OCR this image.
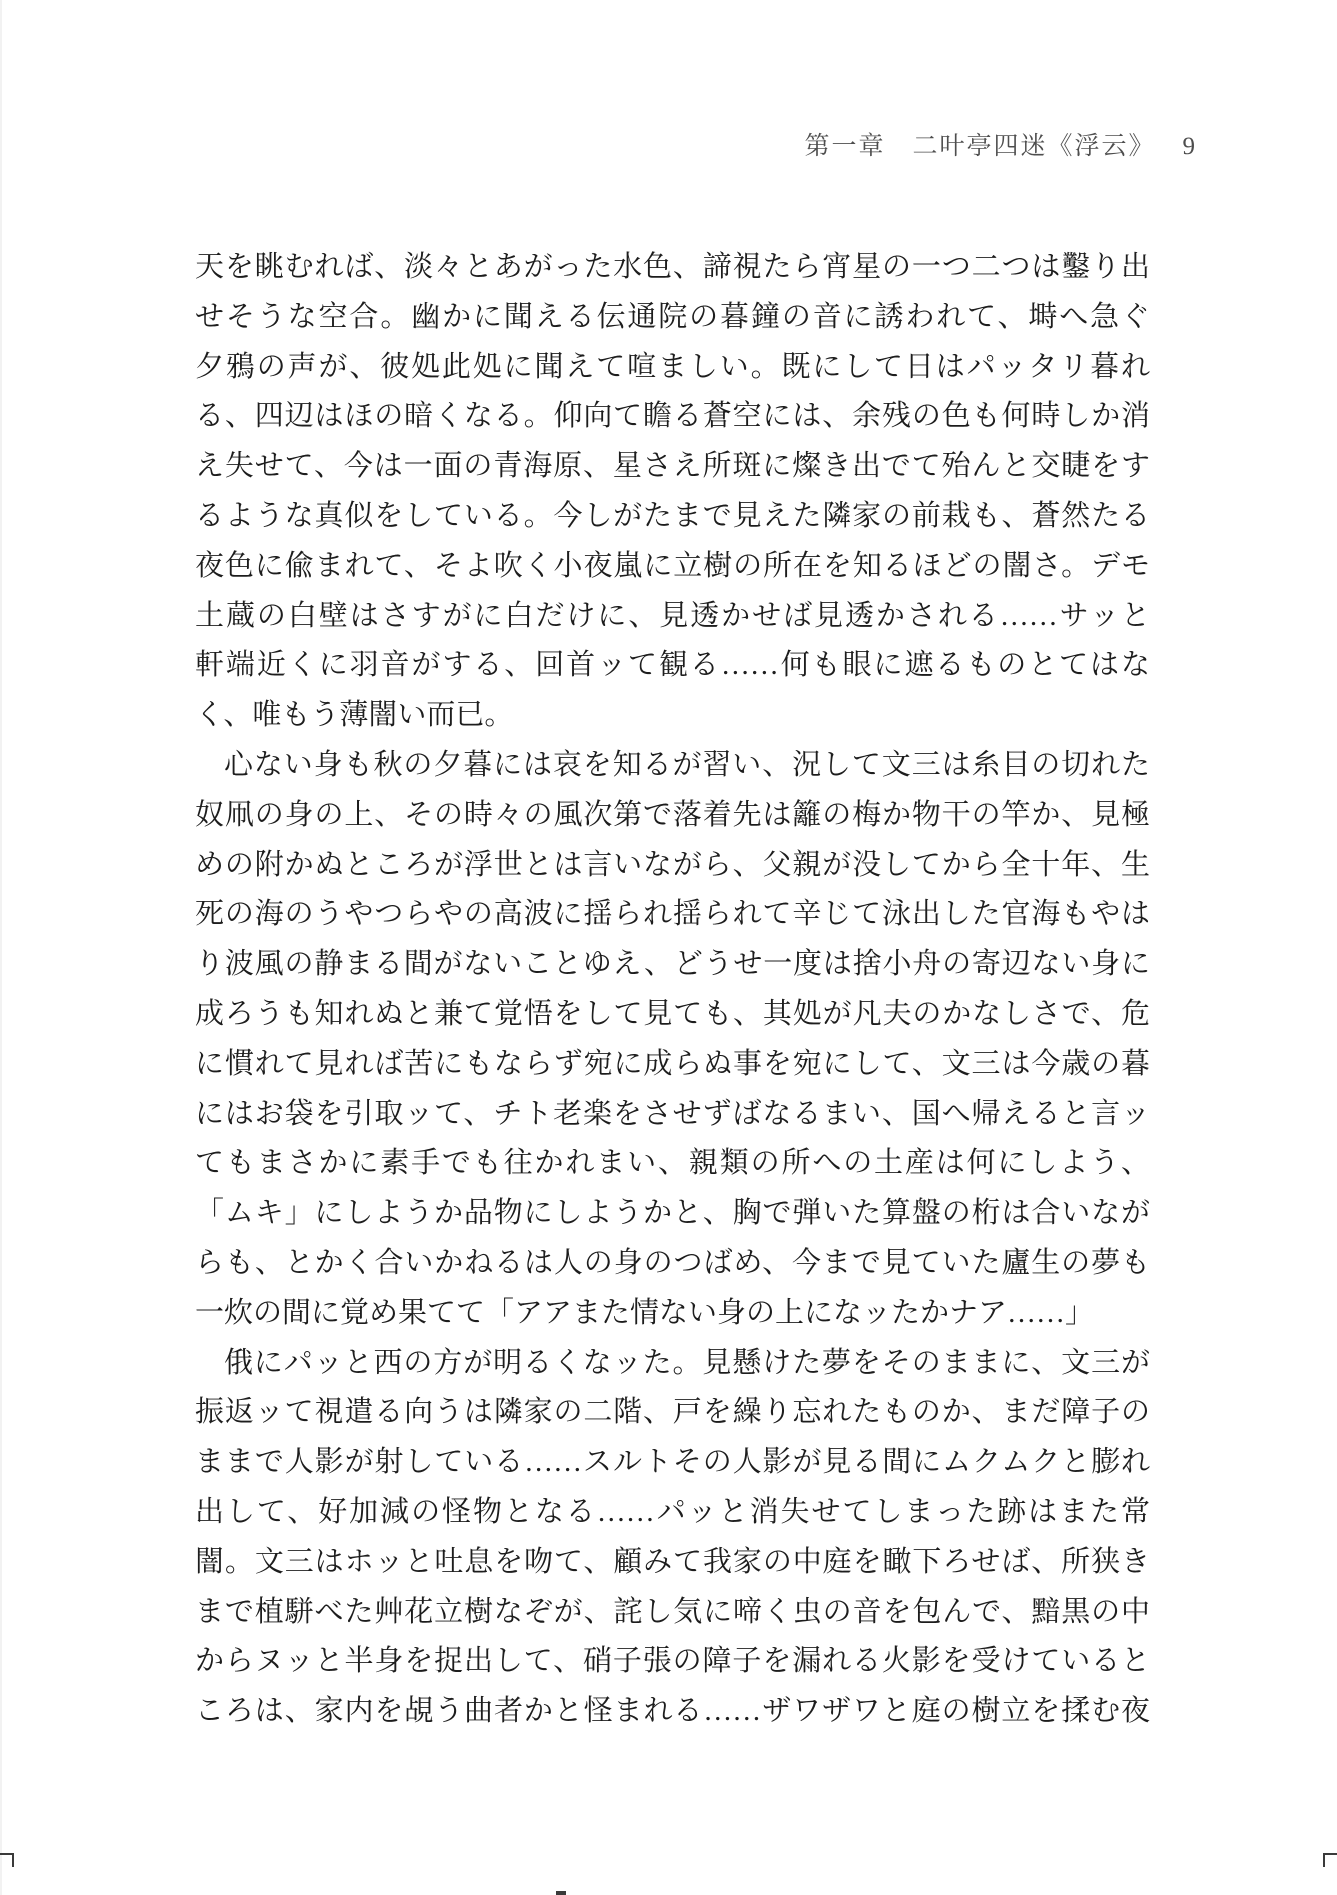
第一章　二叶亭四迷《浮云》 9
天を眺むれば、淡々とあがった水色、諦視たら宵星の一つ二つは鑿り出
せそうな空合。幽かに聞える伝通院の暮鐘の音に誘われて、塒へ急ぐ
夕鴉の声が、彼処此処に聞えて喧ましい。既にして日はパッタリ暮れ
る、四辺はほの暗くなる。仰向て瞻る蒼空には、余残の色も何時しか消
え失せて、今は一面の青海原、星さえ所斑に燦き出でて殆んと交睫をす
るような真似をしている。今しがたまで見えた隣家の前栽も、蒼然たる
夜色に偸まれて、そよ吹く小夜嵐に立樹の所在を知るほどの闇さ。デモ
土蔵の白壁はさすがに白だけに、見透かせば見透かされる……サッと
軒端近くに羽音がする、回首ッて観る……何も眼に遮るものとてはな
く、唯もう薄闇い而已。
心ない身も秋の夕暮には哀を知るが習い、況して文三は糸目の切れた
奴凧の身の上、その時々の風次第で落着先は籬の梅か物干の竿か、見極
めの附かぬところが浮世とは言いながら、父親が没してから全十年、生
死の海のうやつらやの高波に揺られ揺られて辛じて泳出した官海もやは
り波風の静まる間がないことゆえ、どうせ一度は捨小舟の寄辺ない身に
成ろうも知れぬと兼て覚悟をして見ても、其処が凡夫のかなしさで、危
に慣れて見れば苦にもならず宛に成らぬ事を宛にして、文三は今歳の暮
にはお袋を引取ッて、チト老楽をさせずばなるまい、国へ帰えると言ッ
てもまさかに素手でも往かれまい、親類の所への土産は何にしよう、
「ムキ」にしようか品物にしようかと、胸で弾いた算盤の桁は合いなが
らも、とかく合いかねるは人の身のつばめ、今まで見ていた廬生の夢も
一炊の間に覚め果てて「アアまた情ない身の上になッたかナア……」
俄にパッと西の方が明るくなッた。見懸けた夢をそのままに、文三が
振返ッて視遣る向うは隣家の二階、戸を繰り忘れたものか、まだ障子の
ままで人影が射している……スルトその人影が見る間にムクムクと膨れ
出して、好加減の怪物となる……パッと消失せてしまった跡はまた常
闇。文三はホッと吐息を吻て、顧みて我家の中庭を瞰下ろせば、所狭き
まで植駢べた艸花立樹なぞが、詫し気に啼く虫の音を包んで、黯黒の中
からヌッと半身を捉出して、硝子張の障子を漏れる火影を受けていると
ころは、家内を覘う曲者かと怪まれる……ザワザワと庭の樹立を揉む夜
